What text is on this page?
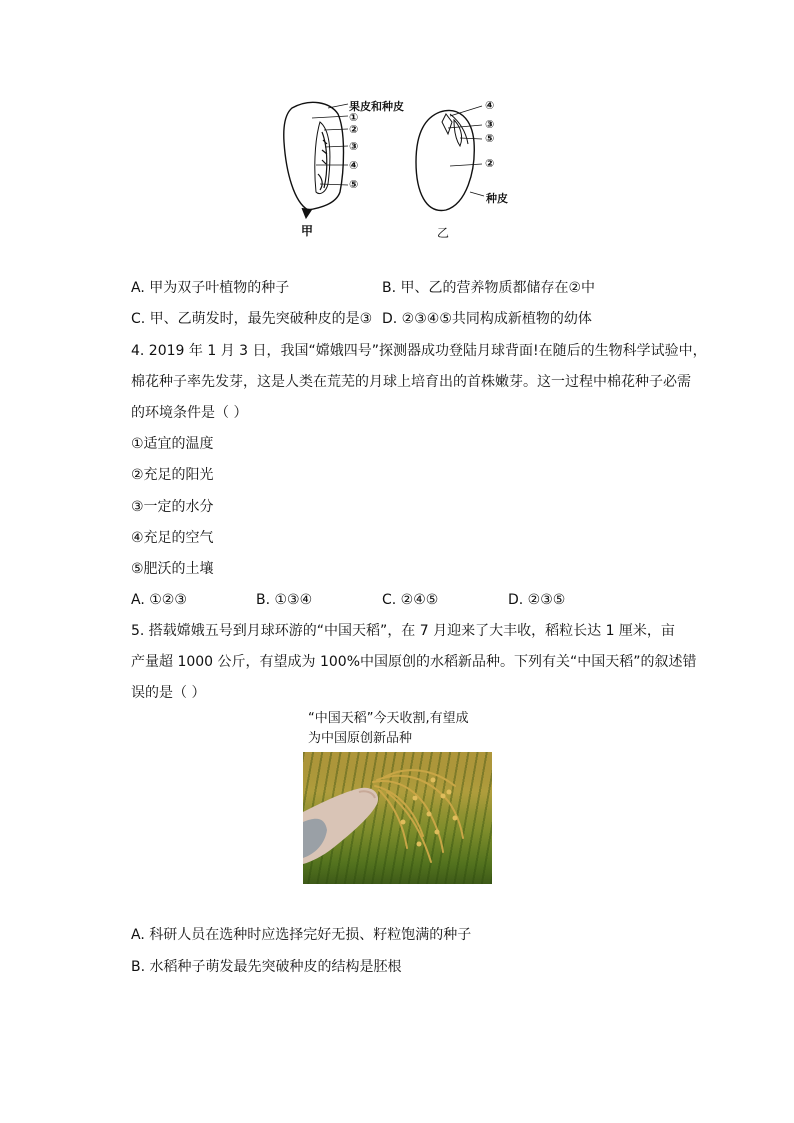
果皮和种皮
①
②
③
④
⑤
甲
④
③
⑤
②
种皮
乙
A. 甲为双子叶植物的种子	B. 甲、乙的营养物质都储存在②中
C. 甲、乙萌发时，最先突破种皮的是③ D. ②③④⑤共同构成新植物的幼体
4. 2019 年 1 月 3 日，我国“嫦娥四号”探测器成功登陆月球背面!在随后的生物科学试验中，
棉花种子率先发芽，这是人类在荒芜的月球上培育出的首株嫩芽。这一过程中棉花种子必需
的环境条件是（ ）
①适宜的温度
②充足的阳光
③一定的水分
④充足的空气
⑤肥沃的土壤
A. ①②③	B. ①③④	C. ②④⑤	D. ②③⑤
5. 搭载嫦娥五号到月球环游的“中国天稻”，在 7 月迎来了大丰收，稻粒长达 1 厘米，亩
产量超 1000 公斤，有望成为 100%中国原创的水稻新品种。下列有关“中国天稻”的叙述错
误的是（ ）
“中国天稻”今天收割,有望成
为中国原创新品种
A. 科研人员在选种时应选择完好无损、籽粒饱满的种子
B. 水稻种子萌发最先突破种皮的结构是胚根
